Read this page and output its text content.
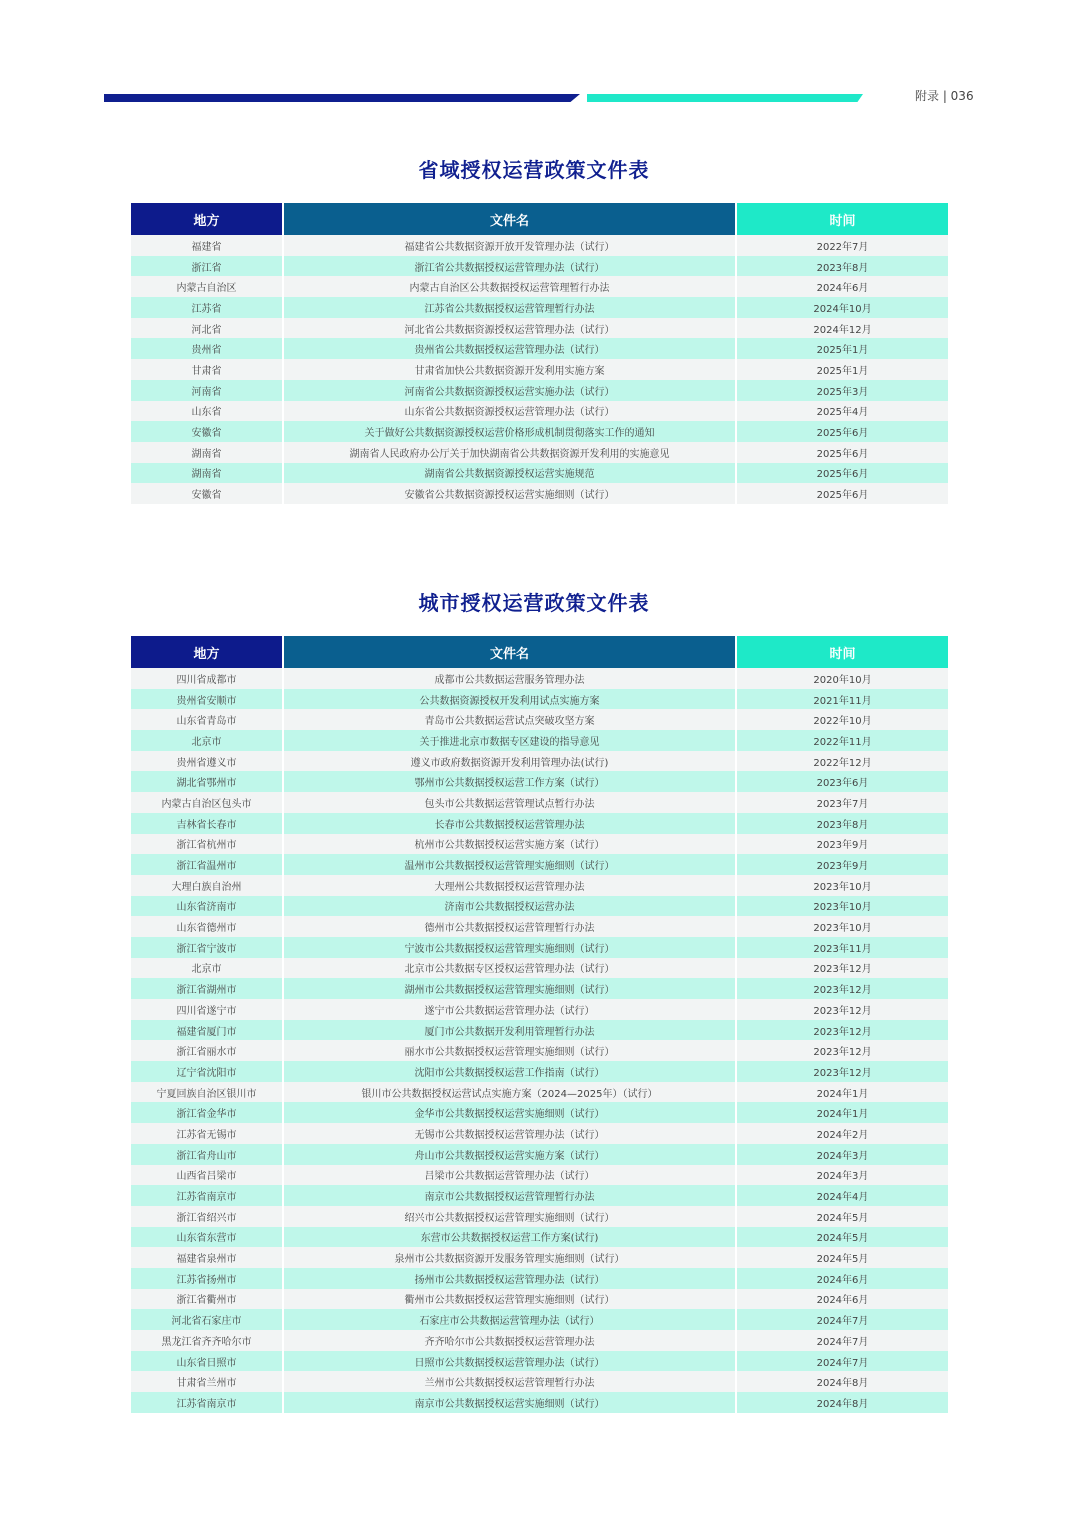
附录 | 036
省域授权运营政策文件表
地方	文件名	时间
福建省	福建省公共数据资源开放开发管理办法（试行）	2022年7月
浙江省	浙江省公共数据授权运营管理办法（试行）	2023年8月
内蒙古自治区	内蒙古自治区公共数据授权运营管理暂行办法	2024年6月
江苏省	江苏省公共数据授权运营管理暂行办法	2024年10月
河北省	河北省公共数据资源授权运营管理办法（试行）	2024年12月
贵州省	贵州省公共数据授权运营管理办法（试行）	2025年1月
甘肃省	甘肃省加快公共数据资源开发利用实施方案	2025年1月
河南省	河南省公共数据资源授权运营实施办法（试行）	2025年3月
山东省	山东省公共数据资源授权运营管理办法（试行）	2025年4月
安徽省	关于做好公共数据资源授权运营价格形成机制贯彻落实工作的通知	2025年6月
湖南省	湖南省人民政府办公厅关于加快湖南省公共数据资源开发利用的实施意见	2025年6月
湖南省	湖南省公共数据资源授权运营实施规范	2025年6月
安徽省	安徽省公共数据资源授权运营实施细则（试行）	2025年6月
城市授权运营政策文件表
地方	文件名	时间
四川省成都市	成都市公共数据运营服务管理办法	2020年10月
贵州省安顺市	公共数据资源授权开发利用试点实施方案	2021年11月
山东省青岛市	青岛市公共数据运营试点突破攻坚方案	2022年10月
北京市	关于推进北京市数据专区建设的指导意见	2022年11月
贵州省遵义市	遵义市政府数据资源开发利用管理办法(试行)	2022年12月
湖北省鄂州市	鄂州市公共数据授权运营工作方案（试行）	2023年6月
内蒙古自治区包头市	包头市公共数据运营管理试点暂行办法	2023年7月
吉林省长春市	长春市公共数据授权运营管理办法	2023年8月
浙江省杭州市	杭州市公共数据授权运营实施方案（试行）	2023年9月
浙江省温州市	温州市公共数据授权运营管理实施细则（试行）	2023年9月
大理白族自治州	大理州公共数据授权运营管理办法	2023年10月
山东省济南市	济南市公共数据授权运营办法	2023年10月
山东省德州市	德州市公共数据授权运营管理暂行办法	2023年10月
浙江省宁波市	宁波市公共数据授权运营管理实施细则（试行）	2023年11月
北京市	北京市公共数据专区授权运营管理办法（试行）	2023年12月
浙江省湖州市	湖州市公共数据授权运营管理实施细则（试行）	2023年12月
四川省遂宁市	遂宁市公共数据运营管理办法（试行）	2023年12月
福建省厦门市	厦门市公共数据开发利用管理暂行办法	2023年12月
浙江省丽水市	丽水市公共数据授权运营管理实施细则（试行）	2023年12月
辽宁省沈阳市	沈阳市公共数据授权运营工作指南（试行）	2023年12月
宁夏回族自治区银川市	银川市公共数据授权运营试点实施方案（2024—2025年）（试行）	2024年1月
浙江省金华市	金华市公共数据授权运营实施细则（试行）	2024年1月
江苏省无锡市	无锡市公共数据授权运营管理办法（试行）	2024年2月
浙江省舟山市	舟山市公共数据授权运营实施方案（试行）	2024年3月
山西省吕梁市	吕梁市公共数据运营管理办法（试行）	2024年3月
江苏省南京市	南京市公共数据授权运营管理暂行办法	2024年4月
浙江省绍兴市	绍兴市公共数据授权运营管理实施细则（试行）	2024年5月
山东省东营市	东营市公共数据授权运营工作方案(试行)	2024年5月
福建省泉州市	泉州市公共数据资源开发服务管理实施细则（试行）	2024年5月
江苏省扬州市	扬州市公共数据授权运营管理办法（试行）	2024年6月
浙江省衢州市	衢州市公共数据授权运营管理实施细则（试行）	2024年6月
河北省石家庄市	石家庄市公共数据运营管理办法（试行）	2024年7月
黑龙江省齐齐哈尔市	齐齐哈尔市公共数据授权运营管理办法	2024年7月
山东省日照市	日照市公共数据授权运营管理办法（试行）	2024年7月
甘肃省兰州市	兰州市公共数据授权运营管理暂行办法	2024年8月
江苏省南京市	南京市公共数据授权运营实施细则（试行）	2024年8月
